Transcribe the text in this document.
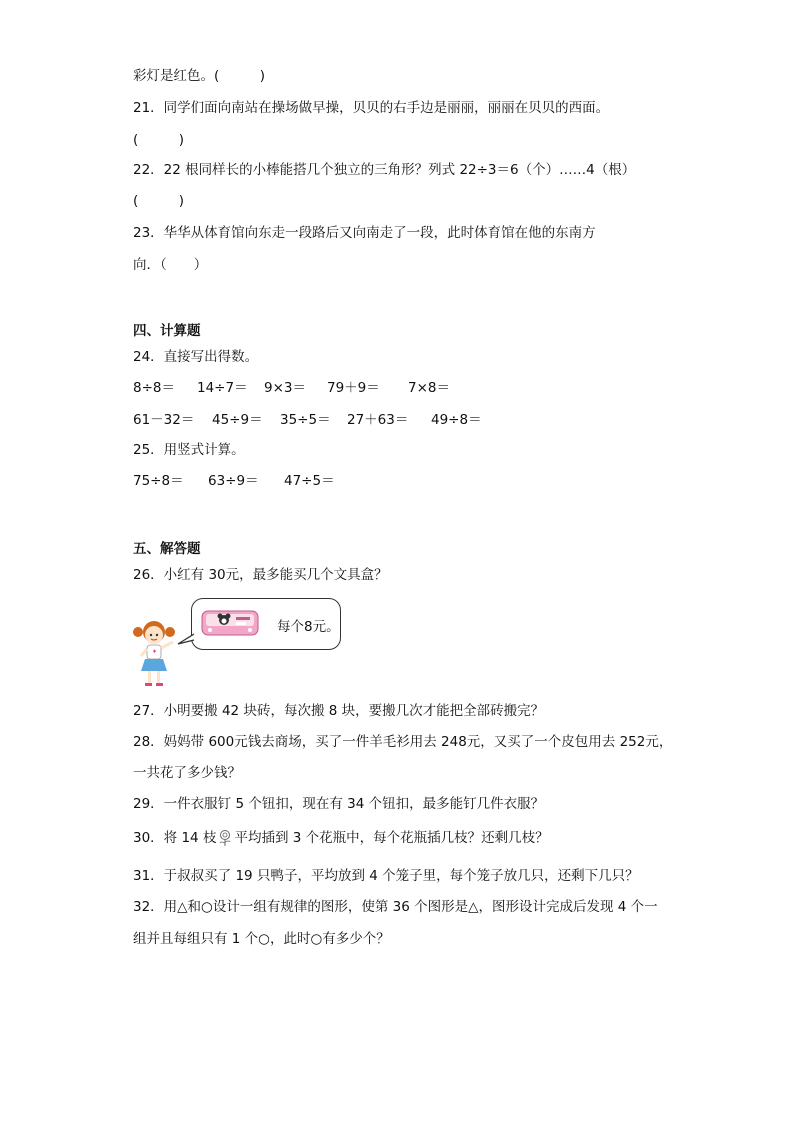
彩灯是红色。(　　　)
21．同学们面向南站在操场做早操，贝贝的右手边是丽丽，丽丽在贝贝的西面。
(　　　)
22．22 根同样长的小棒能搭几个独立的三角形？列式 22÷3＝6（个）……4（根）
(　　　)
23．华华从体育馆向东走一段路后又向南走了一段，此时体育馆在他的东南方
向．（　　）
四、计算题
24．直接写出得数。
8÷8＝ 14÷7＝ 9×3＝ 79＋9＝ 7×8＝
61－32＝ 45÷9＝ 35÷5＝ 27＋63＝ 49÷8＝
25．用竖式计算。
75÷8＝ 63÷9＝ 47÷5＝
五、解答题
26．小红有 30元，最多能买几个文具盒？
每个8元。
27．小明要搬 42 块砖，每次搬 8 块，要搬几次才能把全部砖搬完？
28．妈妈带 600元钱去商场，买了一件羊毛衫用去 248元，又买了一个皮包用去 252元，
一共花了多少钱？
29．一件衣服钉 5 个钮扣，现在有 34 个钮扣，最多能钉几件衣服？
30．将 14 枝 平均插到 3 个花瓶中，每个花瓶插几枝？还剩几枝？
31．于叔叔买了 19 只鸭子，平均放到 4 个笼子里，每个笼子放几只，还剩下几只？
32．用△和○设计一组有规律的图形，使第 36 个图形是△，图形设计完成后发现 4 个一
组并且每组只有 1 个○，此时○有多少个？
